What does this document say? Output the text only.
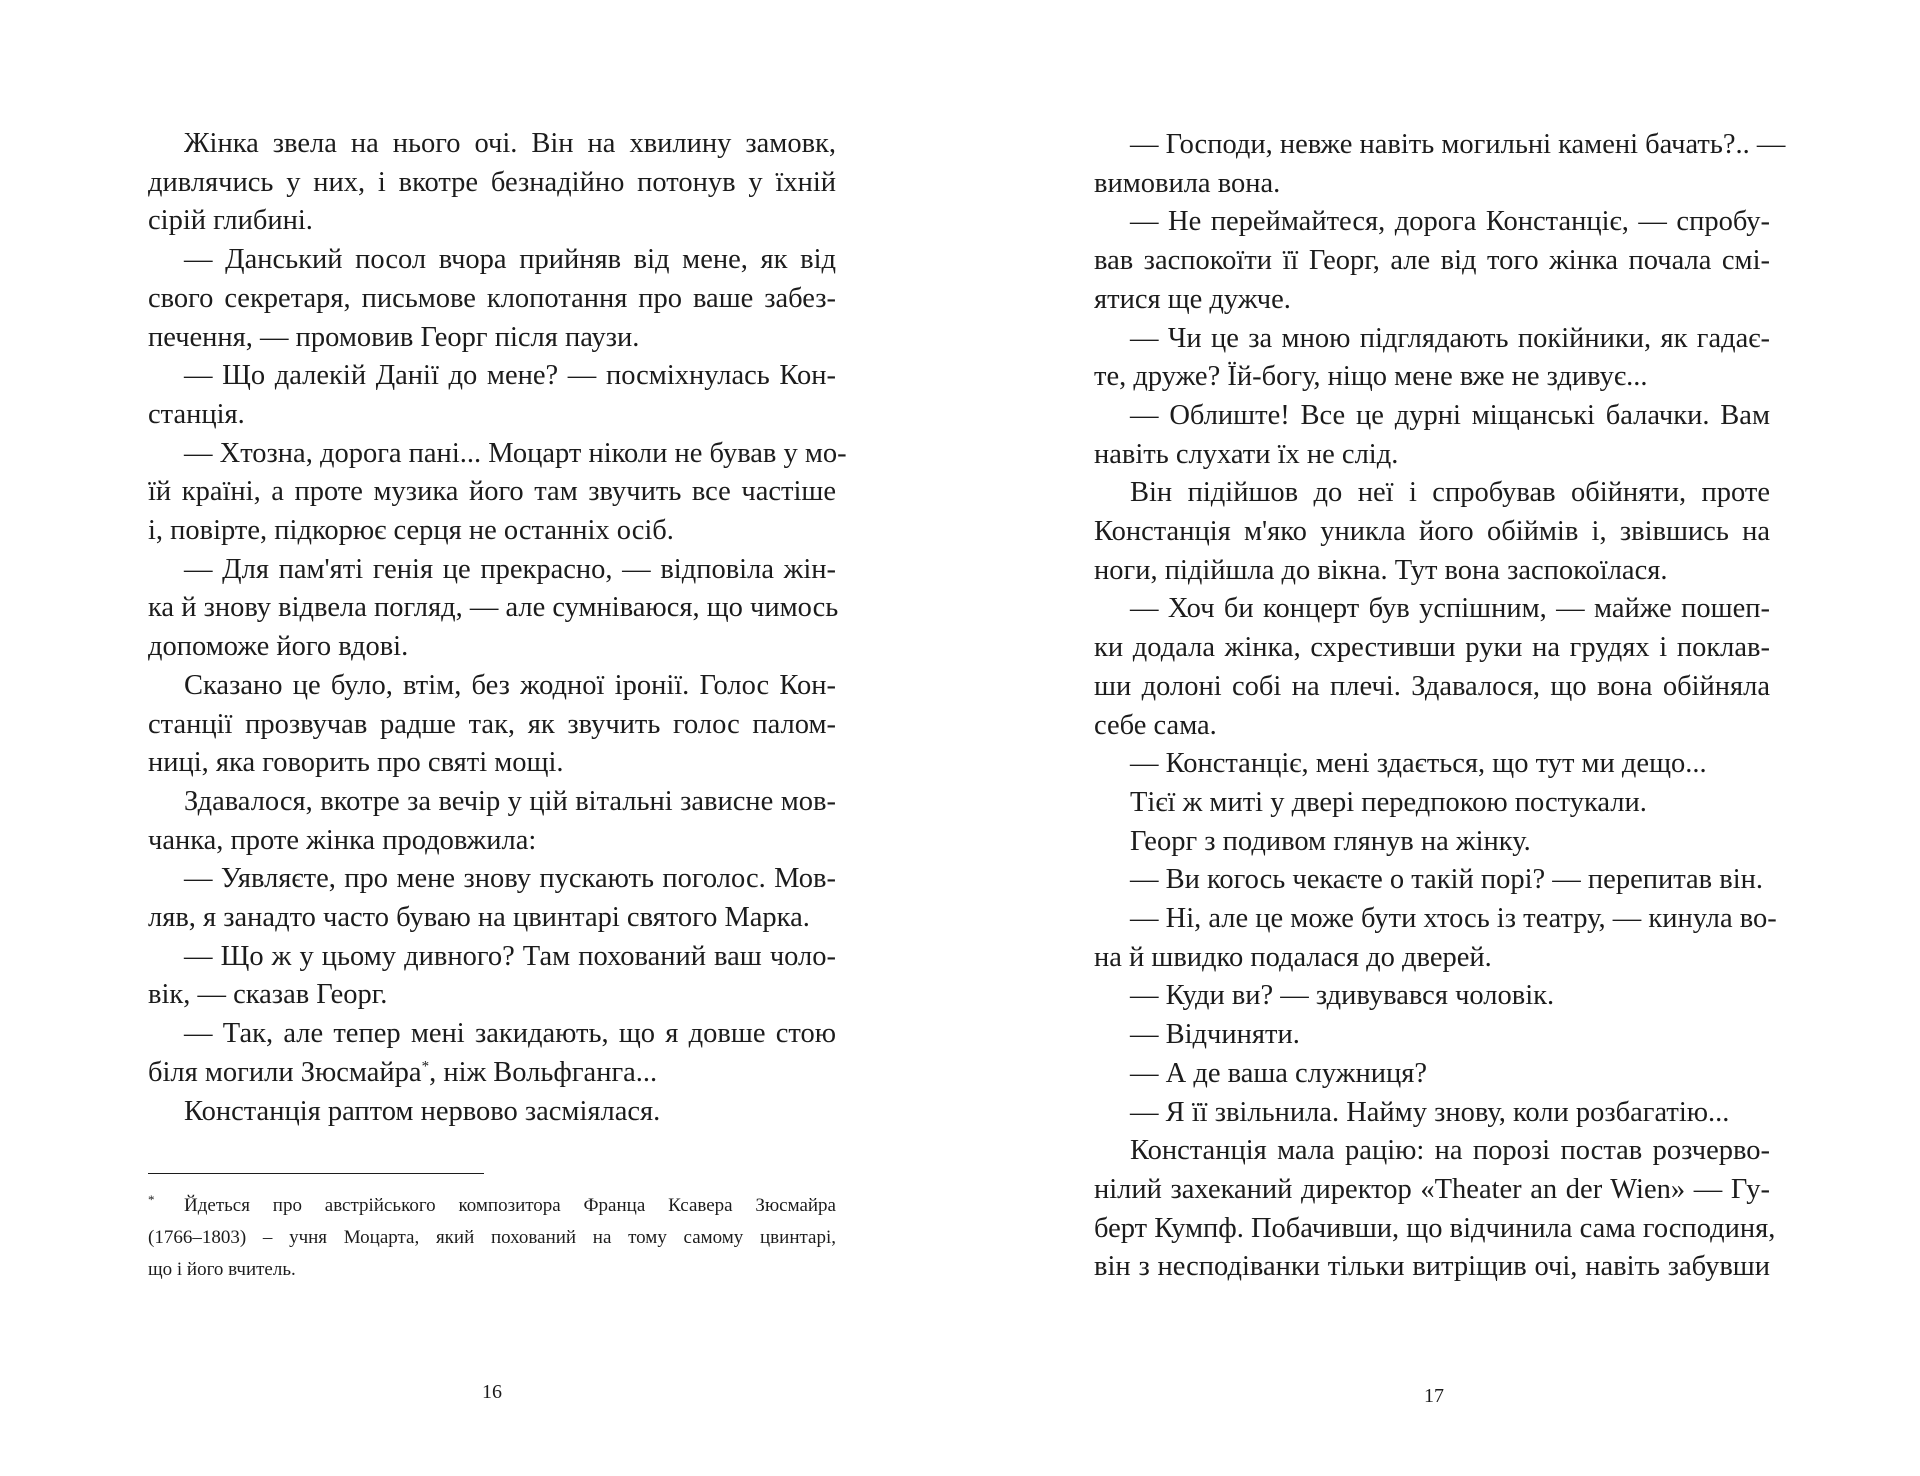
Жінка звела на нього очі. Він на хвилину замовк,
дивлячись у них, і вкотре безнадійно потонув у їхній
сірій глибині.
— Данський посол вчора прийняв від мене, як від
свого секретаря, письмове клопотання про ваше забез-
печення, — промовив Георг після паузи.
— Що далекій Данії до мене? — посміхнулась Кон-
станція.
— Хтозна, дорога пані... Моцарт ніколи не бував у мо-
їй країні, а проте музика його там звучить все частіше
і, повірте, підкорює серця не останніх осіб.
— Для пам'яті генія це прекрасно, — відповіла жін-
ка й знову відвела погляд, — але сумніваюся, що чимось
допоможе його вдові.
Сказано це було, втім, без жодної іронії. Голос Кон-
станції прозвучав радше так, як звучить голос палом-
ниці, яка говорить про святі мощі.
Здавалося, вкотре за вечір у цій вітальні зависне мов-
чанка, проте жінка продовжила:
— Уявляєте, про мене знову пускають поголос. Мов-
ляв, я занадто часто буваю на цвинтарі святого Марка.
— Що ж у цьому дивного? Там похований ваш чоло-
вік, — сказав Георг.
— Так, але тепер мені закидають, що я довше стою
біля могили Зюсмайра*, ніж Вольфганга...
Констанція раптом нервово засміялася.
*	Йдеться про австрійського композитора Франца Ксавера Зюсмайра
(1766–1803) – учня Моцарта, який похований на тому самому цвинтарі,
що і його вчитель.
16
— Господи, невже навіть могильні камені бачать?.. —
вимовила вона.
— Не переймайтеся, дорога Констанціє, — спробу-
вав заспокоїти її Георг, але від того жінка почала смі-
ятися ще дужче.
— Чи це за мною підглядають покійники, як гадає-
те, друже? Їй-богу, ніщо мене вже не здивує...
— Облиште! Все це дурні міщанські балачки. Вам
навіть слухати їх не слід.
Він підійшов до неї і спробував обійняти, проте
Констанція м'яко уникла його обіймів і, звівшись на
ноги, підійшла до вікна. Тут вона заспокоїлася.
— Хоч би концерт був успішним, — майже пошеп-
ки додала жінка, схрестивши руки на грудях і поклав-
ши долоні собі на плечі. Здавалося, що вона обійняла
себе сама.
— Констанціє, мені здається, що тут ми дещо...
Тієї ж миті у двері передпокою постукали.
Георг з подивом глянув на жінку.
— Ви когось чекаєте о такій порі? — перепитав він.
— Ні, але це може бути хтось із театру, — кинула во-
на й швидко подалася до дверей.
— Куди ви? — здивувався чоловік.
— Відчиняти.
— А де ваша служниця?
— Я її звільнила. Найму знову, коли розбагатію...
Констанція мала рацію: на порозі постав розчерво-
нілий захеканий директор «Theater an der Wien» — Гу-
берт Кумпф. Побачивши, що відчинила сама господиня,
він з несподіванки тільки витріщив очі, навіть забувши
17
